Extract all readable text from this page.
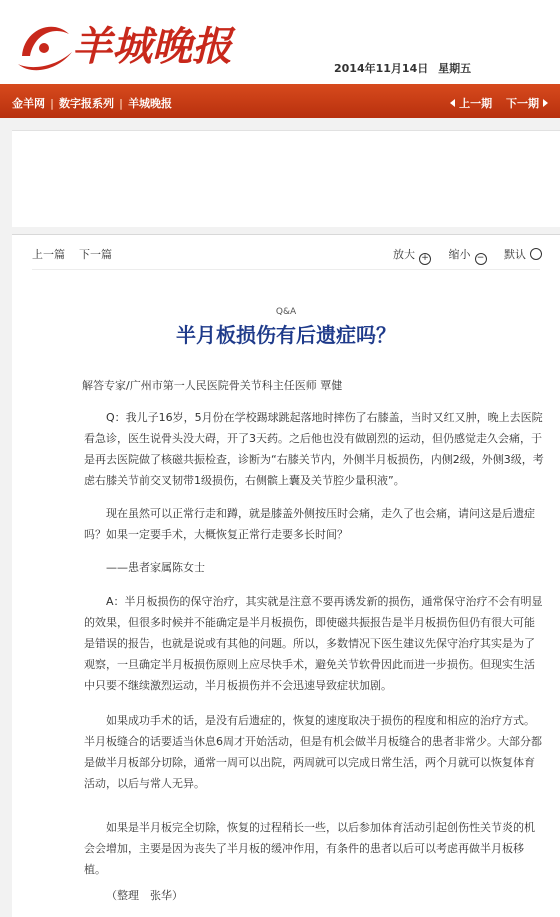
羊城晚报	2014年11月14日 星期五
金羊网 | 数字报系列 | 羊城晚报	上一期 下一期
上一篇 下一篇	放大 + 缩小 − 默认
Q&A
半月板损伤有后遗症吗？
解答专家/广州市第一人民医院骨关节科主任医师 覃健

Q：我儿子16岁，5月份在学校踢球跳起落地时摔伤了右膝盖，当时又红又肿，晚上去医院看急诊，医生说骨头没大碍，开了3天药。之后他也没有做剧烈的运动，但仍感觉走久会痛，于是再去医院做了核磁共振检查，诊断为“右膝关节内，外侧半月板损伤，内侧2级，外侧3级，考虑右膝关节前交叉韧带1级损伤，右侧髌上囊及关节腔少量积液”。

现在虽然可以正常行走和蹲，就是膝盖外侧按压时会痛，走久了也会痛，请问这是后遗症吗？如果一定要手术，大概恢复正常行走要多长时间？

——患者家属陈女士

A：半月板损伤的保守治疗，其实就是注意不要再诱发新的损伤，通常保守治疗不会有明显的效果，但很多时候并不能确定是半月板损伤，即使磁共振报告是半月板损伤但仍有很大可能是错误的报告，也就是说或有其他的问题。所以，多数情况下医生建议先保守治疗其实是为了观察，一旦确定半月板损伤原则上应尽快手术，避免关节软骨因此而进一步损伤。但现实生活中只要不继续激烈运动，半月板损伤并不会迅速导致症状加剧。

如果成功手术的话，是没有后遗症的，恢复的速度取决于损伤的程度和相应的治疗方式。半月板缝合的话要适当休息6周才开始活动，但是有机会做半月板缝合的患者非常少。大部分都是做半月板部分切除，通常一周可以出院，两周就可以完成日常生活，两个月就可以恢复体育活动，以后与常人无异。

如果是半月板完全切除，恢复的过程稍长一些，以后参加体育活动引起创伤性关节炎的机会会增加，主要是因为丧失了半月板的缓冲作用，有条件的患者以后可以考虑再做半月板移植。

（整理　张华）
